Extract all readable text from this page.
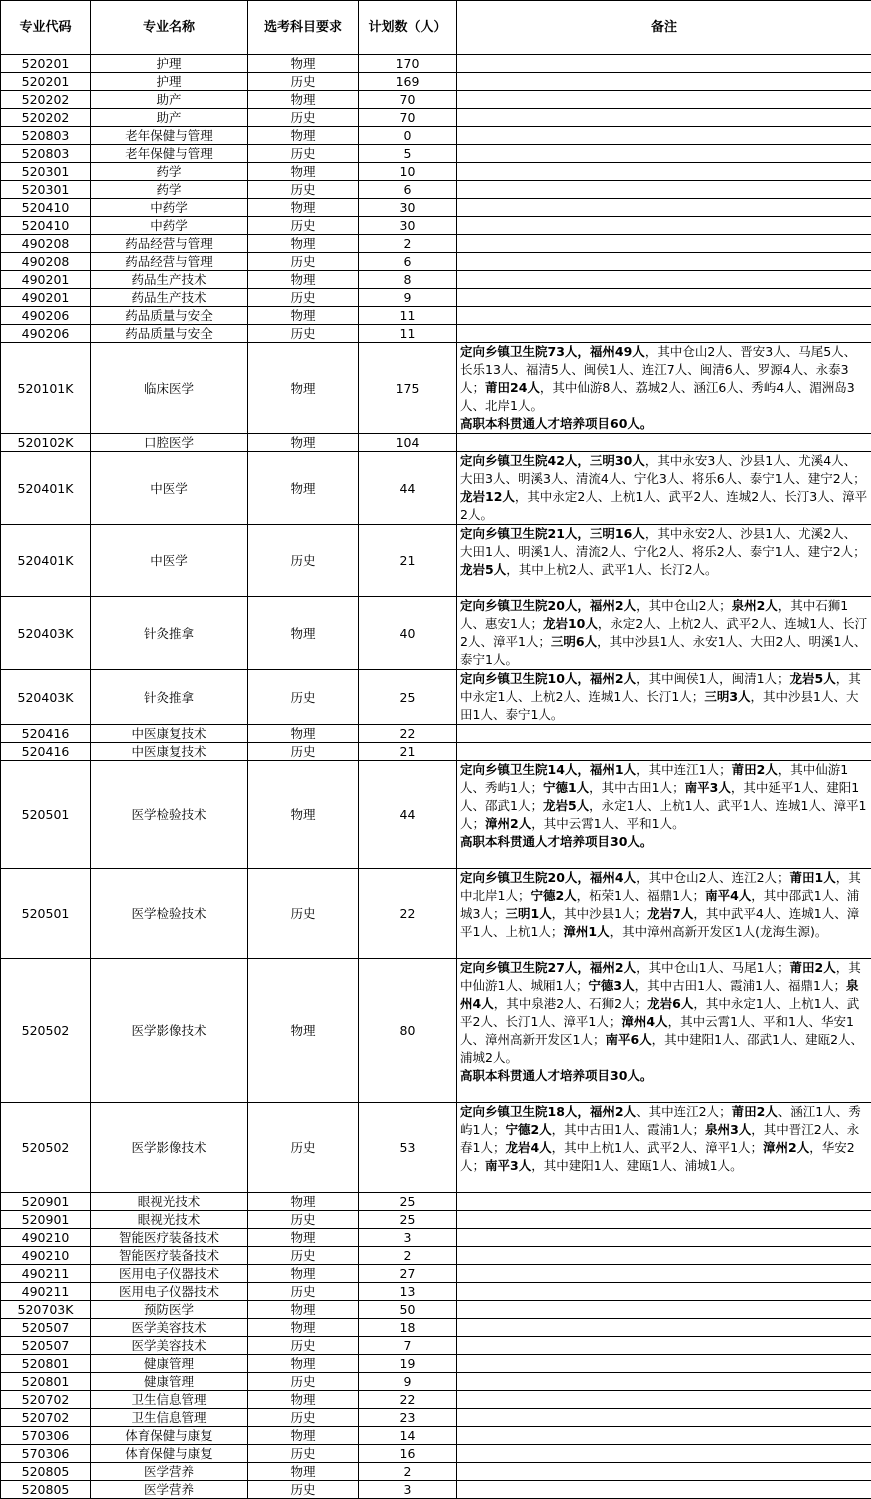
专业代码	专业名称	选考科目要求	计划数（人）	备注
520201	护理	物理	170	
520201	护理	历史	169	
520202	助产	物理	70	
520202	助产	历史	70	
520803	老年保健与管理	物理	0	
520803	老年保健与管理	历史	5	
520301	药学	物理	10	
520301	药学	历史	6	
520410	中药学	物理	30	
520410	中药学	历史	30	
490208	药品经营与管理	物理	2	
490208	药品经营与管理	历史	6	
490201	药品生产技术	物理	8	
490201	药品生产技术	历史	9	
490206	药品质量与安全	物理	11	
490206	药品质量与安全	历史	11	
520101K	临床医学	物理	175	定向乡镇卫生院73人，福州49人，其中仓山2人、晋安3人、马尾5人、长乐13人、福清5人、闽侯1人、连江7人、闽清6人、罗源4人、永泰3人；莆田24人，其中仙游8人、荔城2人、涵江6人、秀屿4人、湄洲岛3人、北岸1人。
高职本科贯通人才培养项目60人。

520102K	口腔医学	物理	104	
520401K	中医学	物理	44	定向乡镇卫生院42人，三明30人，其中永安3人、沙县1人、尤溪4人、大田3人、明溪3人、清流4人、宁化3人、将乐6人、泰宁1人、建宁2人；龙岩12人，其中永定2人、上杭1人、武平2人、连城2人、长汀3人、漳平2人。

520401K	中医学	历史	21	定向乡镇卫生院21人，三明16人，其中永安2人、沙县1人、尤溪2人、大田1人、明溪1人、清流2人、宁化2人、将乐2人、泰宁1人、建宁2人；龙岩5人，其中上杭2人、武平1人、长汀2人。

520403K	针灸推拿	物理	40	定向乡镇卫生院20人，福州2人，其中仓山2人；泉州2人，其中石狮1人、惠安1人；龙岩10人，永定2人、上杭2人、武平2人、连城1人、长汀2人、漳平1人；三明6人，其中沙县1人、永安1人、大田2人、明溪1人、泰宁1人。

520403K	针灸推拿	历史	25	定向乡镇卫生院10人，福州2人，其中闽侯1人，闽清1人；龙岩5人，其中永定1人、上杭2人、连城1人、长汀1人；三明3人，其中沙县1人、大田1人、泰宁1人。

520416	中医康复技术	物理	22	
520416	中医康复技术	历史	21	
520501	医学检验技术	物理	44	定向乡镇卫生院14人，福州1人，其中连江1人；莆田2人，其中仙游1人、秀屿1人；宁德1人，其中古田1人；南平3人，其中延平1人、建阳1人、邵武1人；龙岩5人，永定1人、上杭1人、武平1人、连城1人、漳平1人；漳州2人，其中云霄1人、平和1人。
高职本科贯通人才培养项目30人。

520501	医学检验技术	历史	22	定向乡镇卫生院20人，福州4人，其中仓山2人、连江2人；莆田1人，其中北岸1人；宁德2人，柘荣1人、福鼎1人；南平4人，其中邵武1人、浦城3人；三明1人，其中沙县1人；龙岩7人，其中武平4人、连城1人、漳平1人、上杭1人；漳州1人，其中漳州高新开发区1人(龙海生源)。

520502	医学影像技术	物理	80	定向乡镇卫生院27人，福州2人，其中仓山1人、马尾1人；莆田2人，其中仙游1人、城厢1人；宁德3人，其中古田1人、霞浦1人、福鼎1人；泉州4人，其中泉港2人、石狮2人；龙岩6人，其中永定1人、上杭1人、武平2人、长汀1人、漳平1人；漳州4人，其中云霄1人、平和1人、华安1人、漳州高新开发区1人；南平6人，其中建阳1人、邵武1人、建瓯2人、浦城2人。
高职本科贯通人才培养项目30人。

520502	医学影像技术	历史	53	定向乡镇卫生院18人，福州2人、其中连江2人；莆田2人、涵江1人、秀屿1人；宁德2人，其中古田1人、霞浦1人；泉州3人，其中晋江2人、永春1人；龙岩4人，其中上杭1人、武平2人、漳平1人；漳州2人，华安2人；南平3人，其中建阳1人、建瓯1人、浦城1人。

520901	眼视光技术	物理	25	
520901	眼视光技术	历史	25	
490210	智能医疗装备技术	物理	3	
490210	智能医疗装备技术	历史	2	
490211	医用电子仪器技术	物理	27	
490211	医用电子仪器技术	历史	13	
520703K	预防医学	物理	50	
520507	医学美容技术	物理	18	
520507	医学美容技术	历史	7	
520801	健康管理	物理	19	
520801	健康管理	历史	9	
520702	卫生信息管理	物理	22	
520702	卫生信息管理	历史	23	
570306	体育保健与康复	物理	14	
570306	体育保健与康复	历史	16	
520805	医学营养	物理	2	
520805	医学营养	历史	3	
